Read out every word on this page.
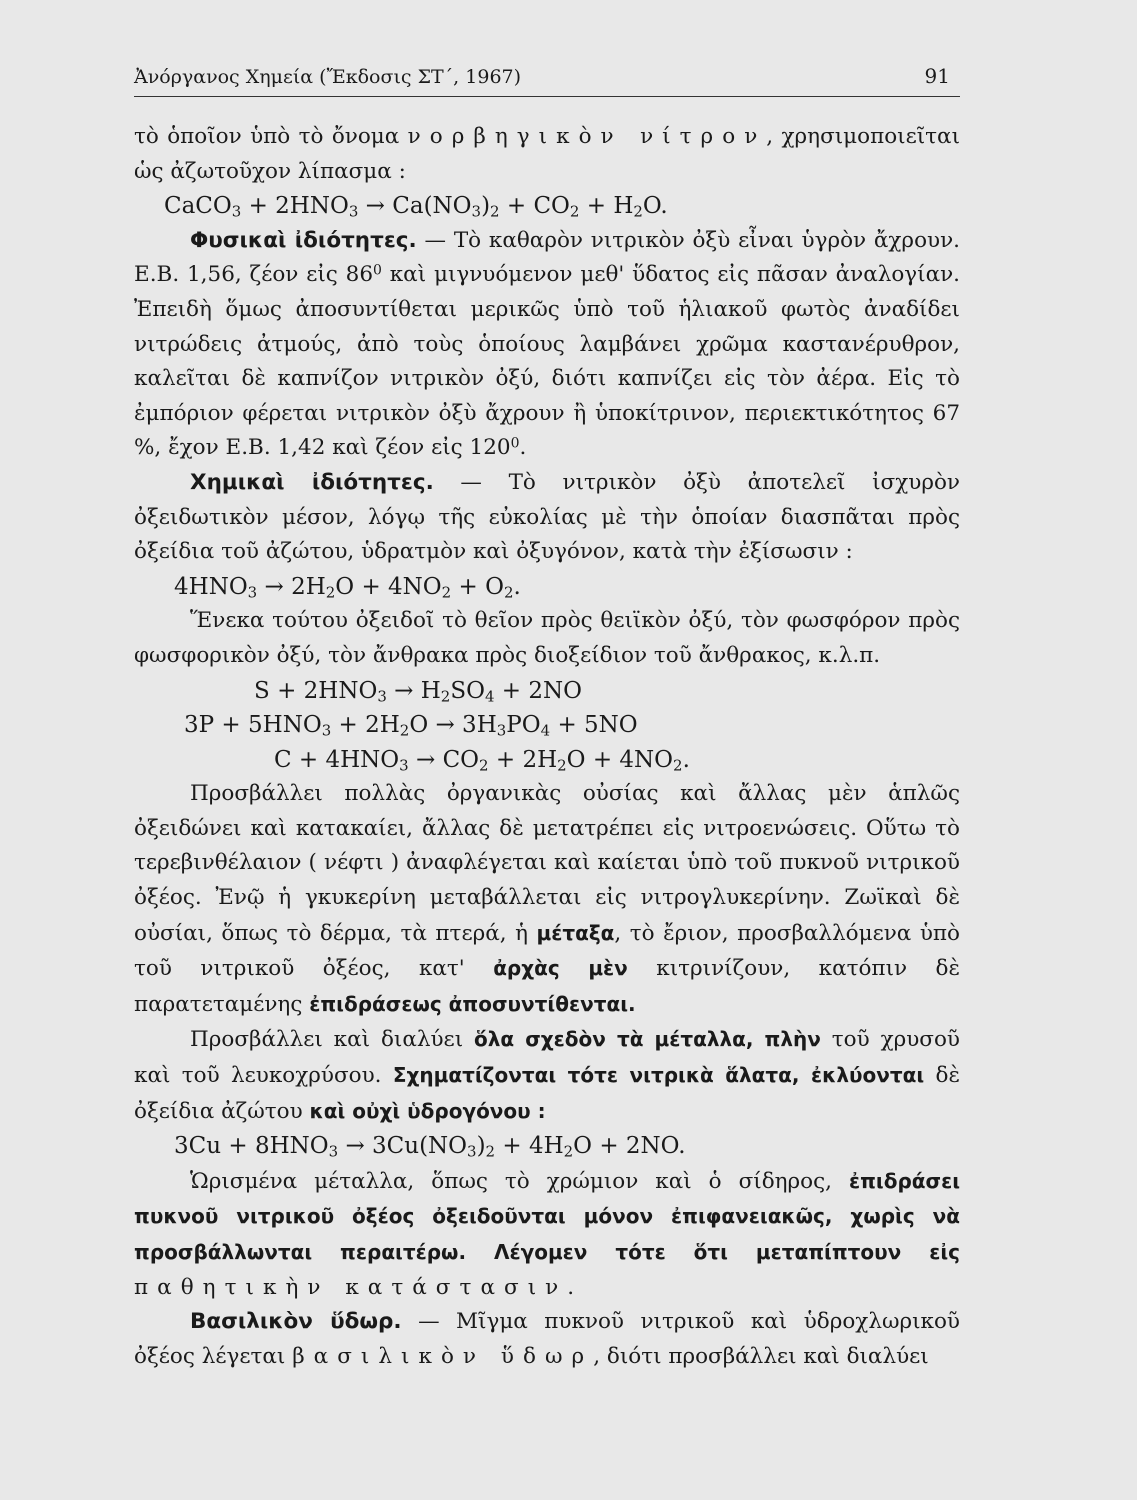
Ἀνόργανος Χημεία (Ἔκδοσις ΣΤ΄, 1967)	91

τὸ ὁποῖον ὑπὸ τὸ ὄνομα νορβηγικὸν νίτρον, χρησιμοποιεῖται ὡς ἀζωτοῦχον λίπασμα :

CaCO$_3$ + $2HNO_3 \to Ca(NO_3)_2 + CO_2 + H_2O$.

Φυσικαὶ ἰδιότητες. — Τὸ καθαρὸν νιτρικὸν ὀξὺ εἶναι ὑγρὸν ἄχρουν. Ε.Β. 1,56, ζέον εἰς $86^0$ καὶ μιγνυόμενον μεθ' ὕδατος εἰς πᾶσαν ἀναλογίαν. Ἐπειδὴ ὅμως ἀποσυντίθεται μερικῶς ὑπὸ τοῦ ἡλιακοῦ φωτὸς ἀναδίδει νιτρώδεις ἀτμούς, ἀπὸ τοὺς ὁποίους λαμβάνει χρῶμα καστανέρυθρον, καλεῖται δὲ καπνίζον νιτρικὸν ὀξύ, διότι καπνίζει εἰς τὸν ἀέρα. Εἰς τὸ ἐμπόριον φέρεται νιτρικὸν ὀξὺ ἄχρουν ἢ ὑποκίτρινον, περιεκτικότητος 67 %, ἔχον Ε.Β. 1,42 καὶ ζέον εἰς $120^0$.

Χημικαὶ ἰδιότητες. — Τὸ νιτρικὸν ὀξὺ ἀποτελεῖ ἰσχυρὸν ὀξειδωτικὸν μέσον, λόγῳ τῆς εὐκολίας μὲ τὴν ὁποίαν διασπᾶται πρὸς ὀξείδια τοῦ ἀζώτου, ὑδρατμὸν καὶ ὀξυγόνον, κατὰ τὴν ἐξίσωσιν :

$4HNO_3 \to 2H_2O + 4NO_2 + O_2$.

Ἕνεκα τούτου ὀξειδοῖ τὸ θεῖον πρὸς θειϊκὸν ὀξύ, τὸν φωσφόρον πρὸς φωσφορικὸν ὀξύ, τὸν ἄνθρακα πρὸς διοξείδιον τοῦ ἄνθρακος, κ.λ.π.

$S + 2HNO_3 \to H_2SO_4 + 2NO$

$3P + 5HNO_3 + 2H_2O \to 3H_3PO_4 + 5NO$

$C + 4HNO_3 \to CO_2 + 2H_2O + 4NO_2$.

Προσβάλλει πολλὰς ὀργανικὰς οὐσίας καὶ ἄλλας μὲν ἁπλῶς ὀξειδώνει καὶ κατακαίει, ἄλλας δὲ μετατρέπει εἰς νιτροενώσεις. Οὕτω τὸ τερεβινθέλαιον ( νέφτι ) ἀναφλέγεται καὶ καίεται ὑπὸ τοῦ πυκνοῦ νιτρικοῦ ὀξέος. Ἐνῷ ἡ γκυκερίνη μεταβάλλεται εἰς νιτρογλυκερίνην. Ζωϊκαὶ δὲ οὐσίαι, ὅπως τὸ δέρμα, τὰ πτερά, ἡ μέταξα, τὸ ἔριον, προσβαλλόμενα ὑπὸ τοῦ νιτρικοῦ ὀξέος, κατ' ἀρχὰς μὲν κιτρινίζουν, κατόπιν δὲ παρατεταμένης ἐπιδράσεως ἀποσυντίθενται.

Προσβάλλει καὶ διαλύει ὅλα σχεδὸν τὰ μέταλλα, πλὴν τοῦ χρυσοῦ καὶ τοῦ λευκοχρύσου. Σχηματίζονται τότε νιτρικὰ ἅλατα, ἐκλύονται δὲ ὀξείδια ἀζώτου καὶ οὐχὶ ὑδρογόνου :

$3Cu + 8HNO_3 \to 3Cu(NO_3)_2 + 4H_2O + 2NO$.

Ὡρισμένα μέταλλα, ὅπως τὸ χρώμιον καὶ ὁ σίδηρος, ἐπιδράσει πυκνοῦ νιτρικοῦ ὀξέος ὀξειδοῦνται μόνον ἐπιφανειακῶς, χωρὶς νὰ προσβάλλωνται περαιτέρω. Λέγομεν τότε ὅτι μεταπίπτουν εἰς παθητικὴν κατάστασιν.

Βασιλικὸν ὕδωρ. — Μῖγμα πυκνοῦ νιτρικοῦ καὶ ὑδροχλωρικοῦ ὀξέος λέγεται βασιλικὸν ὕδωρ, διότι προσβάλλει καὶ διαλύει
